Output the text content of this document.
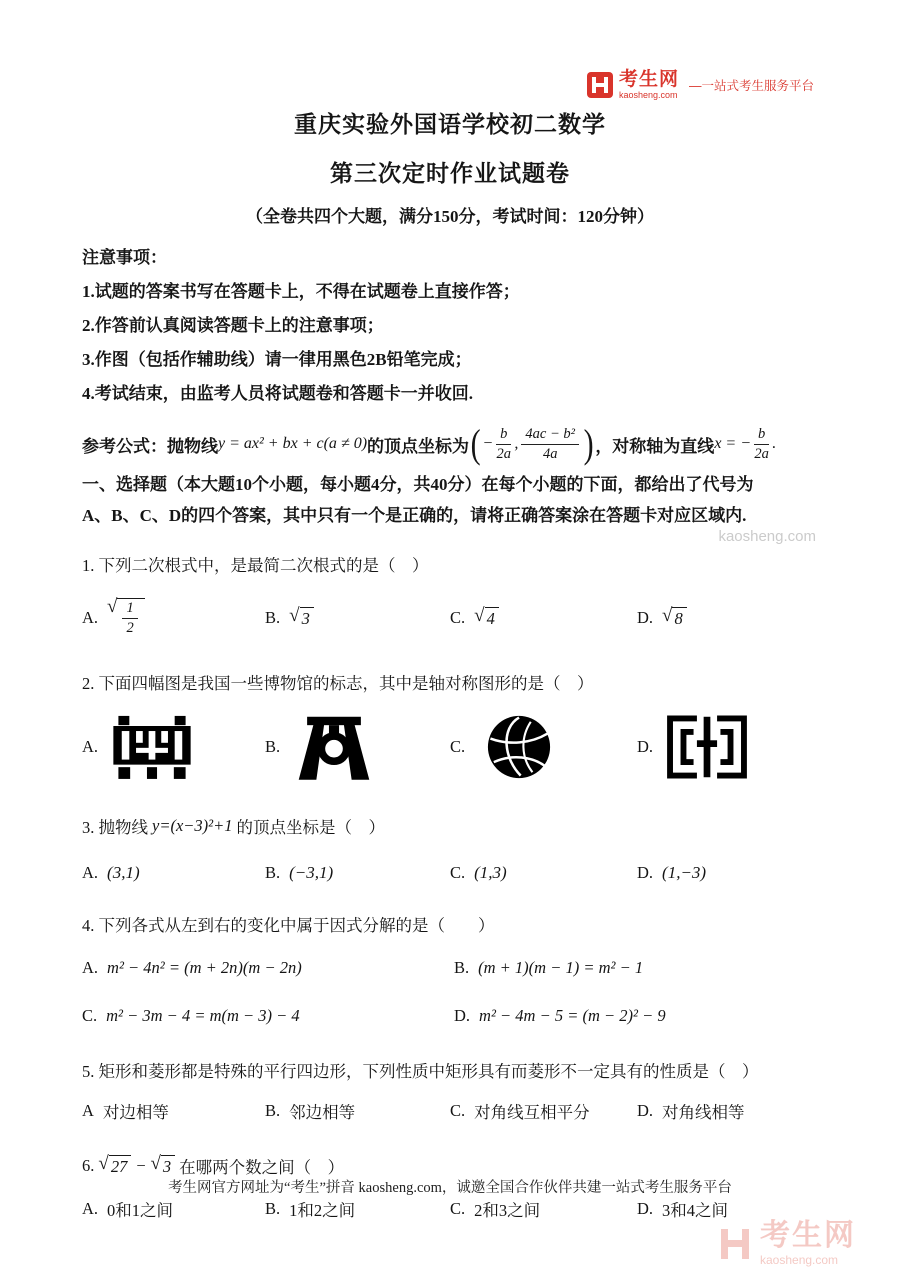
考生网
kaosheng.com
—一站式考生服务平台
重庆实验外国语学校初二数学
第三次定时作业试题卷
（全卷共四个大题，满分150分，考试时间：120分钟）
注意事项：
1.试题的答案书写在答题卡上，不得在试题卷上直接作答；
2.作答前认真阅读答题卡上的注意事项；
3.作图（包括作辅助线）请一律用黑色2B铅笔完成；
4.考试结束，由监考人员将试题卷和答题卡一并收回.
参考公式：抛物线 y = ax² + bx + c(a ≠ 0) 的顶点坐标为 ( − $\frac{b}{2a}$ , $\frac{\text{4ac − b²}}{4a}$ ) ，对称轴为直线 x = − $\frac{b}{2a}$ .
一、选择题（本大题10个小题，每小题4分，共40分）在每个小题的下面，都给出了代号为
A、B、C、D的四个答案，其中只有一个是正确的，请将正确答案涂在答题卡对应区域内.
1. 下列二次根式中，是最简二次根式的是（　）
A. √ $\frac{1}{2}$	B. √ 3	C. √ 4	D. √ 8
2. 下面四幅图是我国一些博物馆的标志，其中是轴对称图形的是（　）
A.	B.	C.	D.
3. 抛物线 y=(x−3)²+1 的顶点坐标是（　）
A. (3,1)	B. (−3,1)	C. (1,3)	D. (1,−3)
4. 下列各式从左到右的变化中属于因式分解的是（　　）
A. m² − 4n² = (m + 2n)(m − 2n)	B. (m + 1)(m − 1) = m² − 1
C. m² − 3m − 4 = m(m − 3) − 4	D. m² − 4m − 5 = (m − 2)² − 9
5. 矩形和菱形都是特殊的平行四边形，下列性质中矩形具有而菱形不一定具有的性质是（　）
A 对边相等	B. 邻边相等	C. 对角线互相平分	D. 对角线相等
6. √ 27 − √ 3 在哪两个数之间（　）
A. 0和1之间	B. 1和2之间	C. 2和3之间	D. 3和4之间
考生网官方网址为“考生”拼音 kaosheng.com，诚邀全国合作伙伴共建一站式考生服务平台
kaosheng.com
考生网
kaosheng.com
